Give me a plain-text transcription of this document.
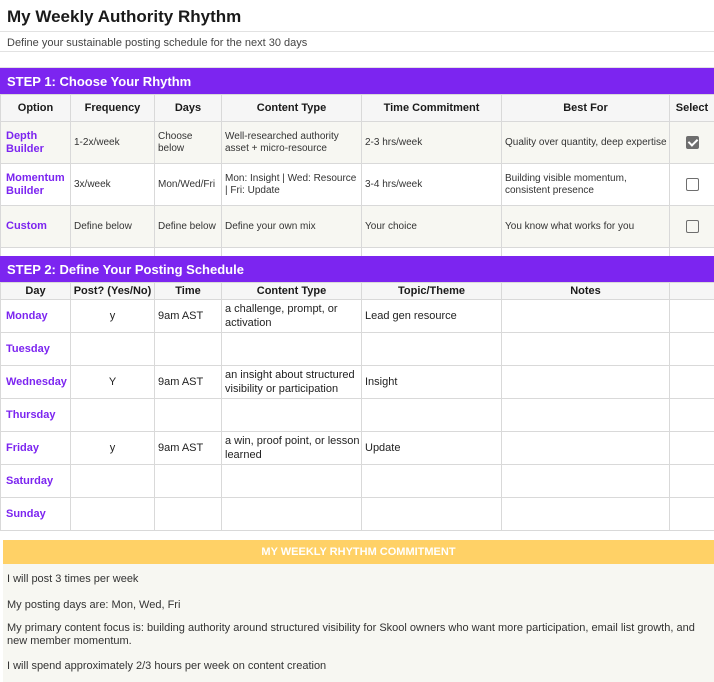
My Weekly Authority Rhythm
Define your sustainable posting schedule for the next 30 days
STEP 1: Choose Your Rhythm
Option	Frequency	Days	Content Type	Time Commitment	Best For	Select
Depth Builder	1-2x/week	Choose below	Well-researched authority asset + micro-resource	2-3 hrs/week	Quality over quantity, deep expertise	
Momentum Builder	3x/week	Mon/Wed/Fri	Mon: Insight | Wed: Resource | Fri: Update	3-4 hrs/week	Building visible momentum, consistent presence	
Custom	Define below	Define below	Define your own mix	Your choice	You know what works for you	

STEP 2: Define Your Posting Schedule
Day	Post? (Yes/No)	Time	Content Type	Topic/Theme	Notes	
Monday	y	9am AST	a challenge, prompt, or activation	Lead gen resource		
Tuesday						
Wednesday	Y	9am AST	an insight about structured visibility or participation	Insight		
Thursday						
Friday	y	9am AST	a win, proof point, or lesson learned	Update		
Saturday						
Sunday						
MY WEEKLY RHYTHM COMMITMENT
I will post 3 times per week
My posting days are: Mon, Wed, Fri
My primary content focus is: building authority around structured visibility for Skool owners who want more participation, email list growth, and new member momentum.
I will spend approximately 2/3 hours per week on content creation
